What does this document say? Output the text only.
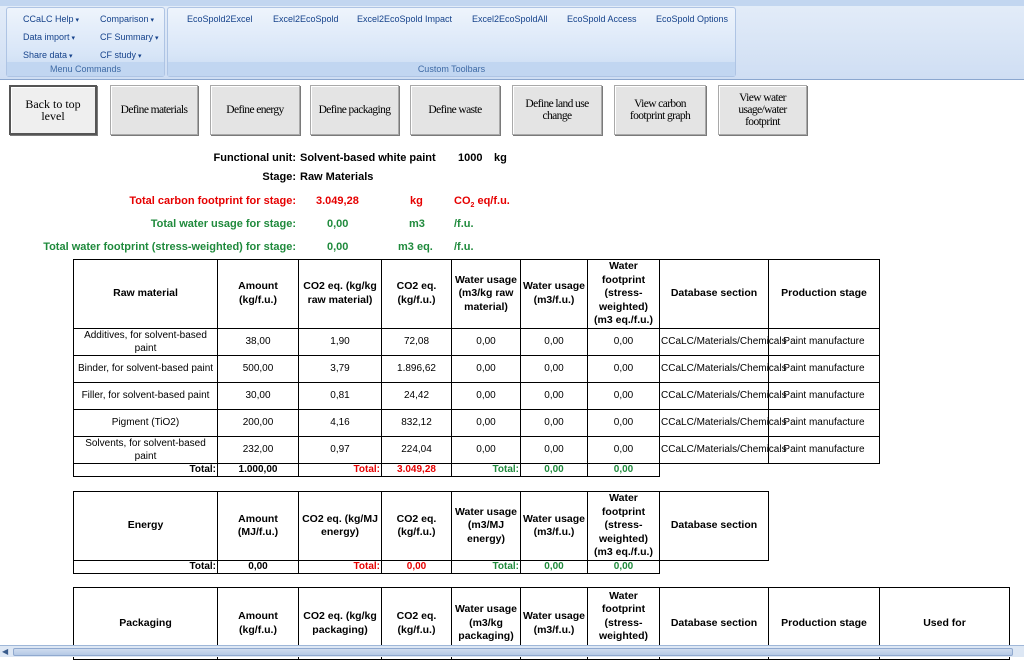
CCaLC Help ▾
Data import ▾
Share data ▾
Comparison ▾
CF Summary ▾
CF study ▾
Menu Commands
EcoSpold2Excel Excel2EcoSpold Excel2EcoSpold Impact Excel2EcoSpoldAll EcoSpold Access EcoSpold Options
Custom Toolbars
Back to top level	Define materials	Define energy	Define packaging	Define waste	Define land use change
View carbon footprint graph
View water usage/water footprint
Functional unit: Solvent-based white paint 1000 kg
Stage: Raw Materials
Total carbon footprint for stage: 3.049,28	kg	$CO_2$ eq/f.u.
Total water usage for stage:	0,00	m3	/f.u.
Total water footprint (stress-weighted) for stage:	0,00	m3 eq. /f.u.
Raw material	Amount (kg/f.u.)	CO2 eq. (kg/kg raw material)	CO2 eq. (kg/f.u.)	Water usage (m3/kg raw material)	Water usage (m3/f.u.)	Water footprint (stress-weighted) (m3 eq./f.u.)	Database section	Production stage
Additives, for solvent-based paint	38,00	1,90	72,08	0,00	0,00	0,00	CCaLC/Materials/Chemicals	Paint manufacture
Binder, for solvent-based paint	500,00	3,79	1.896,62	0,00	0,00	0,00	CCaLC/Materials/Chemicals	Paint manufacture
Filler, for solvent-based paint	30,00	0,81	24,42	0,00	0,00	0,00	CCaLC/Materials/Chemicals	Paint manufacture
Pigment (TiO2)	200,00	4,16	832,12	0,00	0,00	0,00	CCaLC/Materials/Chemicals	Paint manufacture
Solvents, for solvent-based paint	232,00	0,97	224,04	0,00	0,00	0,00	CCaLC/Materials/Chemicals	Paint manufacture
Total:	1.000,00	Total:	3.049,28	Total:	0,00	0,00		
Energy	Amount (MJ/f.u.)	CO2 eq. (kg/MJ energy)	CO2 eq. (kg/f.u.)	Water usage (m3/MJ energy)	Water usage (m3/f.u.)	Water footprint (stress-weighted) (m3 eq./f.u.)	Database section
Total:	0,00	Total:	0,00	Total:	0,00	0,00	
Packaging	Amount (kg/f.u.)	CO2 eq. (kg/kg packaging)	CO2 eq. (kg/f.u.)	Water usage (m3/kg packaging)	Water usage (m3/f.u.)	Water footprint (stress-weighted)	Database section	Production stage	Used for
◀
